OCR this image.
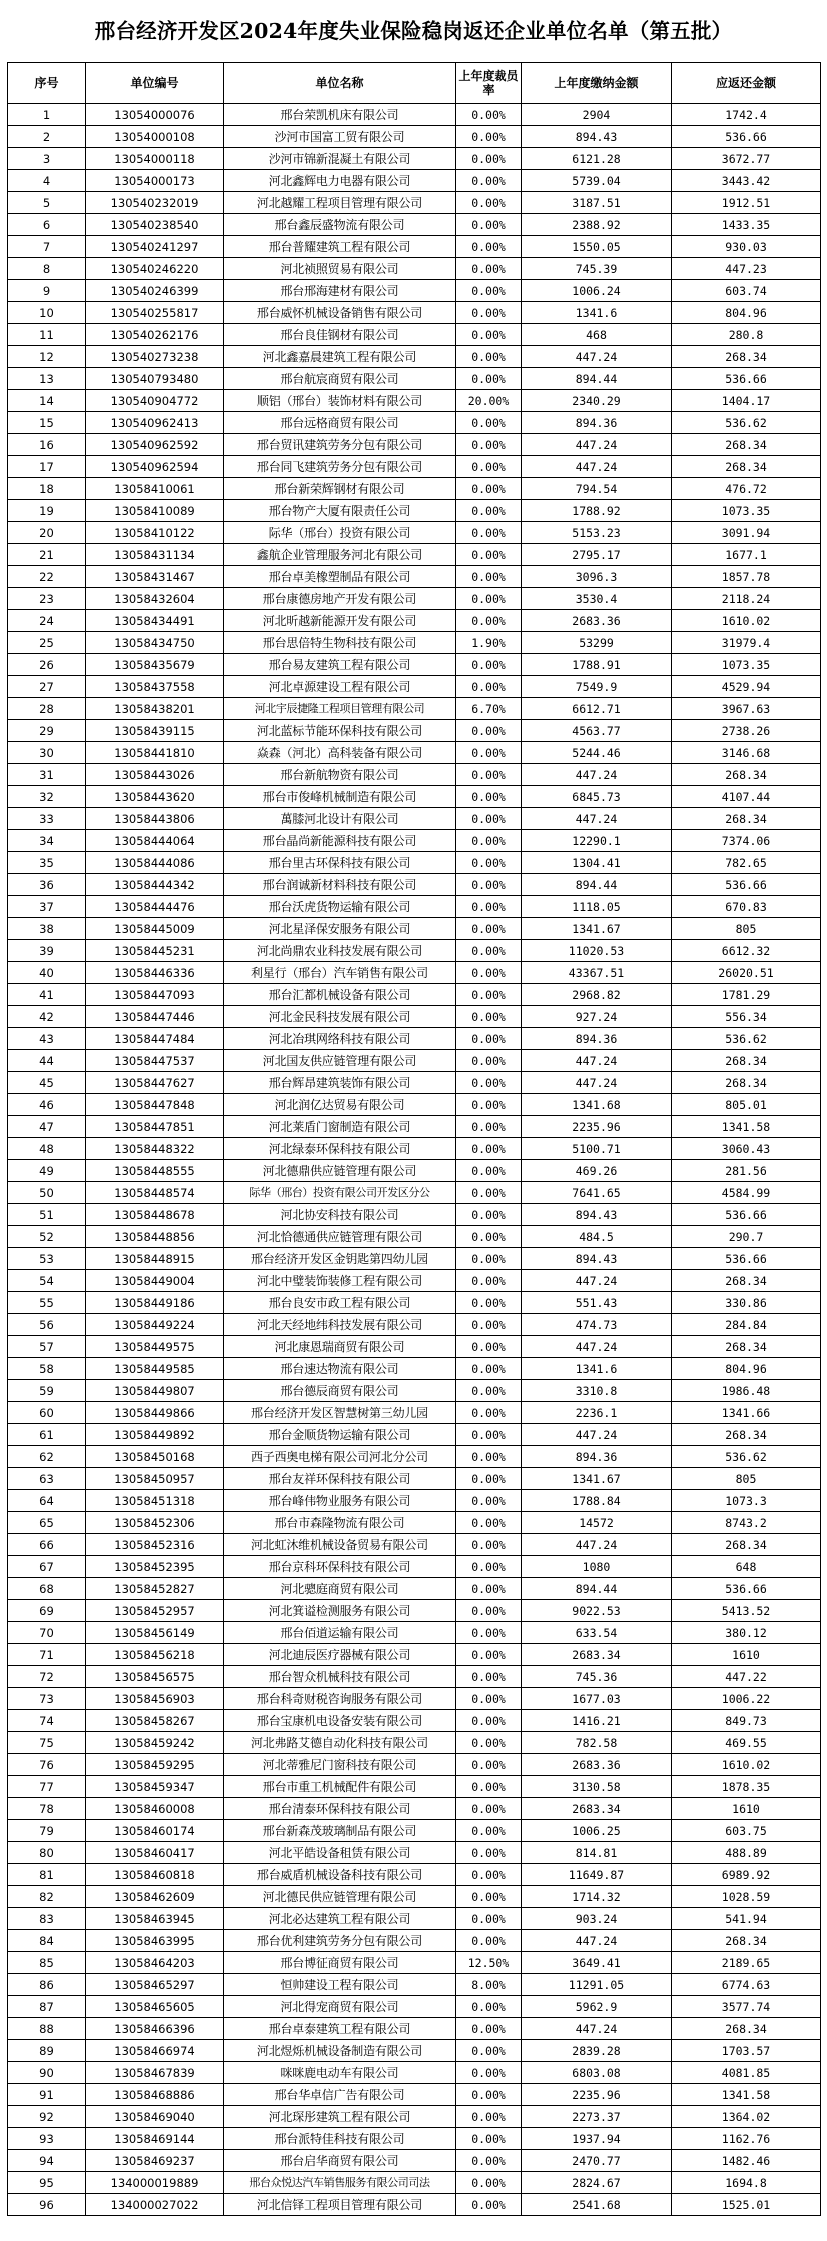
邢台经济开发区2024年度失业保险稳岗返还企业单位名单（第五批）
序号	单位编号	单位名称	上年度裁员率	上年度缴纳金额	应返还金额
1	13054000076	邢台荣凯机床有限公司	0.00%	2904	1742.4
2	13054000108	沙河市国富工贸有限公司	0.00%	894.43	536.66
3	13054000118	沙河市锦新混凝土有限公司	0.00%	6121.28	3672.77
4	13054000173	河北鑫辉电力电器有限公司	0.00%	5739.04	3443.42
5	130540232019	河北越耀工程项目管理有限公司	0.00%	3187.51	1912.51
6	130540238540	邢台鑫辰盛物流有限公司	0.00%	2388.92	1433.35
7	130540241297	邢台普耀建筑工程有限公司	0.00%	1550.05	930.03
8	130540246220	河北祯照贸易有限公司	0.00%	745.39	447.23
9	130540246399	邢台邢海建材有限公司	0.00%	1006.24	603.74
10	130540255817	邢台威怀机械设备销售有限公司	0.00%	1341.6	804.96
11	130540262176	邢台良佳钢材有限公司	0.00%	468	280.8
12	130540273238	河北鑫嘉晨建筑工程有限公司	0.00%	447.24	268.34
13	130540793480	邢台航宸商贸有限公司	0.00%	894.44	536.66
14	130540904772	顺铝（邢台）装饰材料有限公司	20.00%	2340.29	1404.17
15	130540962413	邢台远格商贸有限公司	0.00%	894.36	536.62
16	130540962592	邢台贸讯建筑劳务分包有限公司	0.00%	447.24	268.34
17	130540962594	邢台同飞建筑劳务分包有限公司	0.00%	447.24	268.34
18	13058410061	邢台新荣辉钢材有限公司	0.00%	794.54	476.72
19	13058410089	邢台物产大厦有限责任公司	0.00%	1788.92	1073.35
20	13058410122	际华（邢台）投资有限公司	0.00%	5153.23	3091.94
21	13058431134	鑫航企业管理服务河北有限公司	0.00%	2795.17	1677.1
22	13058431467	邢台卓美橡塑制品有限公司	0.00%	3096.3	1857.78
23	13058432604	邢台康德房地产开发有限公司	0.00%	3530.4	2118.24
24	13058434491	河北昕越新能源开发有限公司	0.00%	2683.36	1610.02
25	13058434750	邢台思倍特生物科技有限公司	1.90%	53299	31979.4
26	13058435679	邢台易友建筑工程有限公司	0.00%	1788.91	1073.35
27	13058437558	河北卓源建设工程有限公司	0.00%	7549.9	4529.94
28	13058438201	河北宇辰捷隆工程项目管理有限公司	6.70%	6612.71	3967.63
29	13058439115	河北蓝标节能环保科技有限公司	0.00%	4563.77	2738.26
30	13058441810	焱森（河北）高科装备有限公司	0.00%	5244.46	3146.68
31	13058443026	邢台新航物资有限公司	0.00%	447.24	268.34
32	13058443620	邢台市俊峰机械制造有限公司	0.00%	6845.73	4107.44
33	13058443806	萬膝河北设计有限公司	0.00%	447.24	268.34
34	13058444064	邢台晶尚新能源科技有限公司	0.00%	12290.1	7374.06
35	13058444086	邢台里古环保科技有限公司	0.00%	1304.41	782.65
36	13058444342	邢台润诚新材料科技有限公司	0.00%	894.44	536.66
37	13058444476	邢台沃虎货物运输有限公司	0.00%	1118.05	670.83
38	13058445009	河北星泽保安服务有限公司	0.00%	1341.67	805
39	13058445231	河北尚鼎农业科技发展有限公司	0.00%	11020.53	6612.32
40	13058446336	利星行（邢台）汽车销售有限公司	0.00%	43367.51	26020.51
41	13058447093	邢台汇都机械设备有限公司	0.00%	2968.82	1781.29
42	13058447446	河北金民科技发展有限公司	0.00%	927.24	556.34
43	13058447484	河北冶琪网络科技有限公司	0.00%	894.36	536.62
44	13058447537	河北国友供应链管理有限公司	0.00%	447.24	268.34
45	13058447627	邢台辉昂建筑装饰有限公司	0.00%	447.24	268.34
46	13058447848	河北润亿达贸易有限公司	0.00%	1341.68	805.01
47	13058447851	河北莱盾门窗制造有限公司	0.00%	2235.96	1341.58
48	13058448322	河北绿泰环保科技有限公司	0.00%	5100.71	3060.43
49	13058448555	河北德鼎供应链管理有限公司	0.00%	469.26	281.56
50	13058448574	际华（邢台）投资有限公司开发区分公	0.00%	7641.65	4584.99
51	13058448678	河北协安科技有限公司	0.00%	894.43	536.66
52	13058448856	河北恰德通供应链管理有限公司	0.00%	484.5	290.7
53	13058448915	邢台经济开发区金钥匙第四幼儿园	0.00%	894.43	536.66
54	13058449004	河北中璧装饰装修工程有限公司	0.00%	447.24	268.34
55	13058449186	邢台良安市政工程有限公司	0.00%	551.43	330.86
56	13058449224	河北天经地纬科技发展有限公司	0.00%	474.73	284.84
57	13058449575	河北康恩瑞商贸有限公司	0.00%	447.24	268.34
58	13058449585	邢台速达物流有限公司	0.00%	1341.6	804.96
59	13058449807	邢台德辰商贸有限公司	0.00%	3310.8	1986.48
60	13058449866	邢台经济开发区智慧树第三幼儿园	0.00%	2236.1	1341.66
61	13058449892	邢台金顺货物运输有限公司	0.00%	447.24	268.34
62	13058450168	西子西奥电梯有限公司河北分公司	0.00%	894.36	536.62
63	13058450957	邢台友祥环保科技有限公司	0.00%	1341.67	805
64	13058451318	邢台峰伟物业服务有限公司	0.00%	1788.84	1073.3
65	13058452306	邢台市森隆物流有限公司	0.00%	14572	8743.2
66	13058452316	河北虹沐维机械设备贸易有限公司	0.00%	447.24	268.34
67	13058452395	邢台京科环保科技有限公司	0.00%	1080	648
68	13058452827	河北骢庭商贸有限公司	0.00%	894.44	536.66
69	13058452957	河北箕谥检测服务有限公司	0.00%	9022.53	5413.52
70	13058456149	邢台佰道运输有限公司	0.00%	633.54	380.12
71	13058456218	河北迪辰医疗器械有限公司	0.00%	2683.34	1610
72	13058456575	邢台智众机械科技有限公司	0.00%	745.36	447.22
73	13058456903	邢台科奇财税咨询服务有限公司	0.00%	1677.03	1006.22
74	13058458267	邢台宝康机电设备安装有限公司	0.00%	1416.21	849.73
75	13058459242	河北弗路艾德自动化科技有限公司	0.00%	782.58	469.55
76	13058459295	河北蒂雅尼门窗科技有限公司	0.00%	2683.36	1610.02
77	13058459347	邢台市重工机械配件有限公司	0.00%	3130.58	1878.35
78	13058460008	邢台清泰环保科技有限公司	0.00%	2683.34	1610
79	13058460174	邢台新森茂玻璃制品有限公司	0.00%	1006.25	603.75
80	13058460417	河北平皓设备租赁有限公司	0.00%	814.81	488.89
81	13058460818	邢台威盾机械设备科技有限公司	0.00%	11649.87	6989.92
82	13058462609	河北德民供应链管理有限公司	0.00%	1714.32	1028.59
83	13058463945	河北必达建筑工程有限公司	0.00%	903.24	541.94
84	13058463995	邢台优利建筑劳务分包有限公司	0.00%	447.24	268.34
85	13058464203	邢台博征商贸有限公司	12.50%	3649.41	2189.65
86	13058465297	恒帅建设工程有限公司	8.00%	11291.05	6774.63
87	13058465605	河北得宠商贸有限公司	0.00%	5962.9	3577.74
88	13058466396	邢台卓泰建筑工程有限公司	0.00%	447.24	268.34
89	13058466974	河北煜烁机械设备制造有限公司	0.00%	2839.28	1703.57
90	13058467839	咪咪鹿电动车有限公司	0.00%	6803.08	4081.85
91	13058468886	邢台华卓信广告有限公司	0.00%	2235.96	1341.58
92	13058469040	河北琛彤建筑工程有限公司	0.00%	2273.37	1364.02
93	13058469144	邢台派特佳科技有限公司	0.00%	1937.94	1162.76
94	13058469237	邢台启华商贸有限公司	0.00%	2470.77	1482.46
95	134000019889	邢台众悦达汽车销售服务有限公司司法	0.00%	2824.67	1694.8
96	134000027022	河北信铎工程项目管理有限公司	0.00%	2541.68	1525.01
